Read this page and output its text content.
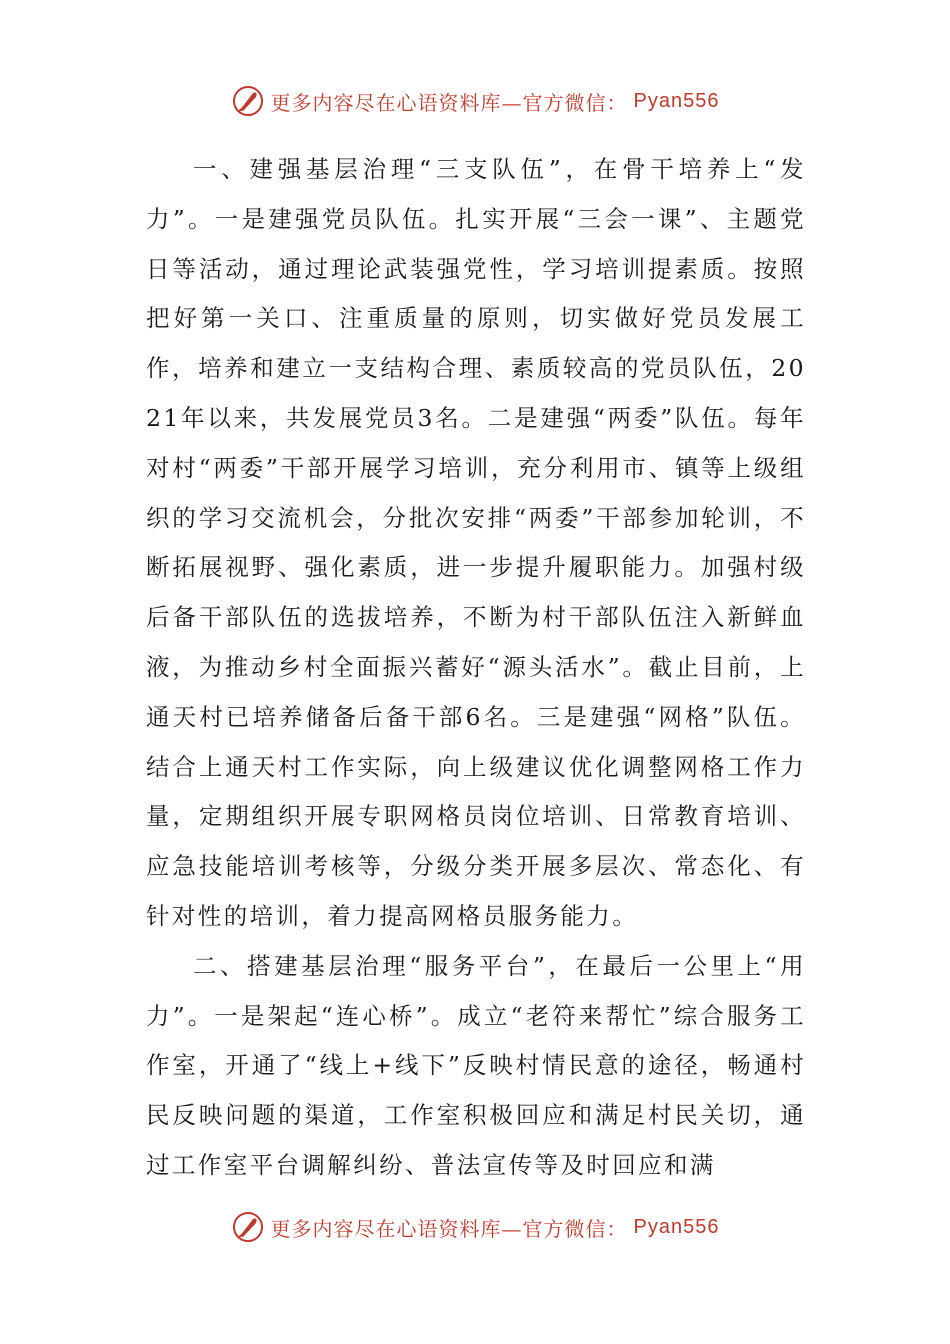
更多内容尽在心语资料库—官方微信： Pyan556

一、建强基层治理“三支队伍”，在骨干培养上“发力”。一是建强党员队伍。扎实开展“三会一课”、主题党日等活动，通过理论武装强党性，学习培训提素质。按照把好第一关口、注重质量的原则，切实做好党员发展工作，培养和建立一支结构合理、素质较高的党员队伍，2021年以来，共发展党员3名。二是建强“两委”队伍。每年对村“两委”干部开展学习培训，充分利用市、镇等上级组织的学习交流机会，分批次安排“两委”干部参加轮训，不断拓展视野、强化素质，进一步提升履职能力。加强村级后备干部队伍的选拔培养，不断为村干部队伍注入新鲜血液，为推动乡村全面振兴蓄好“源头活水”。截止目前，上通天村已培养储备后备干部6名。三是建强“网格”队伍。结合上通天村工作实际，向上级建议优化调整网格工作力量，定期组织开展专职网格员岗位培训、日常教育培训、应急技能培训考核等，分级分类开展多层次、常态化、有针对性的培训，着力提高网格员服务能力。

二、搭建基层治理“服务平台”，在最后一公里上“用力”。一是架起“连心桥”。成立“老符来帮忙”综合服务工作室，开通了“线上+线下”反映村情民意的途径，畅通村民反映问题的渠道，工作室积极回应和满足村民关切，通过工作室平台调解纠纷、普法宣传等及时回应和满

更多内容尽在心语资料库—官方微信： Pyan556
